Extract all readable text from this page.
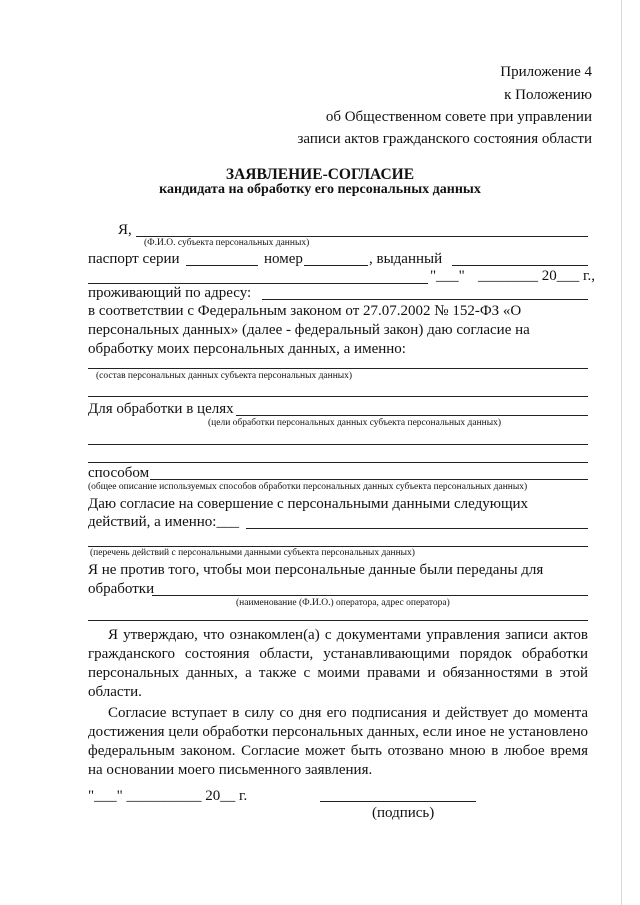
Приложение 4
к Положению
об Общественном совете при управлении
записи актов гражданского состояния области
ЗАЯВЛЕНИЕ-СОГЛАСИЕ
кандидата на обработку его персональных данных
Я,
(Ф.И.О. субъекта персональных данных)
паспорт серии	номер	, выданный
"___" ________ 20___ г.,
проживающий по адресу:
в соответствии с Федеральным законом от 27.07.2002 № 152-ФЗ «О
персональных данных» (далее - федеральный закон) даю согласие на
обработку моих персональных данных, а именно:
(состав персональных данных субъекта персональных данных)
Для обработки в целях
(цели обработки персональных данных субъекта персональных данных)
способом
(общее описание используемых способов обработки персональных данных субъекта персональных данных)
Даю согласие на совершение с персональными данными следующих
действий, а именно:___
(перечень действий с персональными данными субъекта персональных данных)
Я не против того, чтобы мои персональные данные были переданы для
обработки
(наименование (Ф.И.О.) оператора, адрес оператора)
Я утверждаю, что ознакомлен(а) с документами управления записи актов гражданского состояния области, устанавливающими порядок обработки персональных данных, а также с моими правами и обязанностями в этой области.
Согласие вступает в силу со дня его подписания и действует до момента достижения цели обработки персональных данных, если иное не установлено федеральным законом. Согласие может быть отозвано мною в любое время на основании моего письменного заявления.
"___" __________ 20__ г.
(подпись)
